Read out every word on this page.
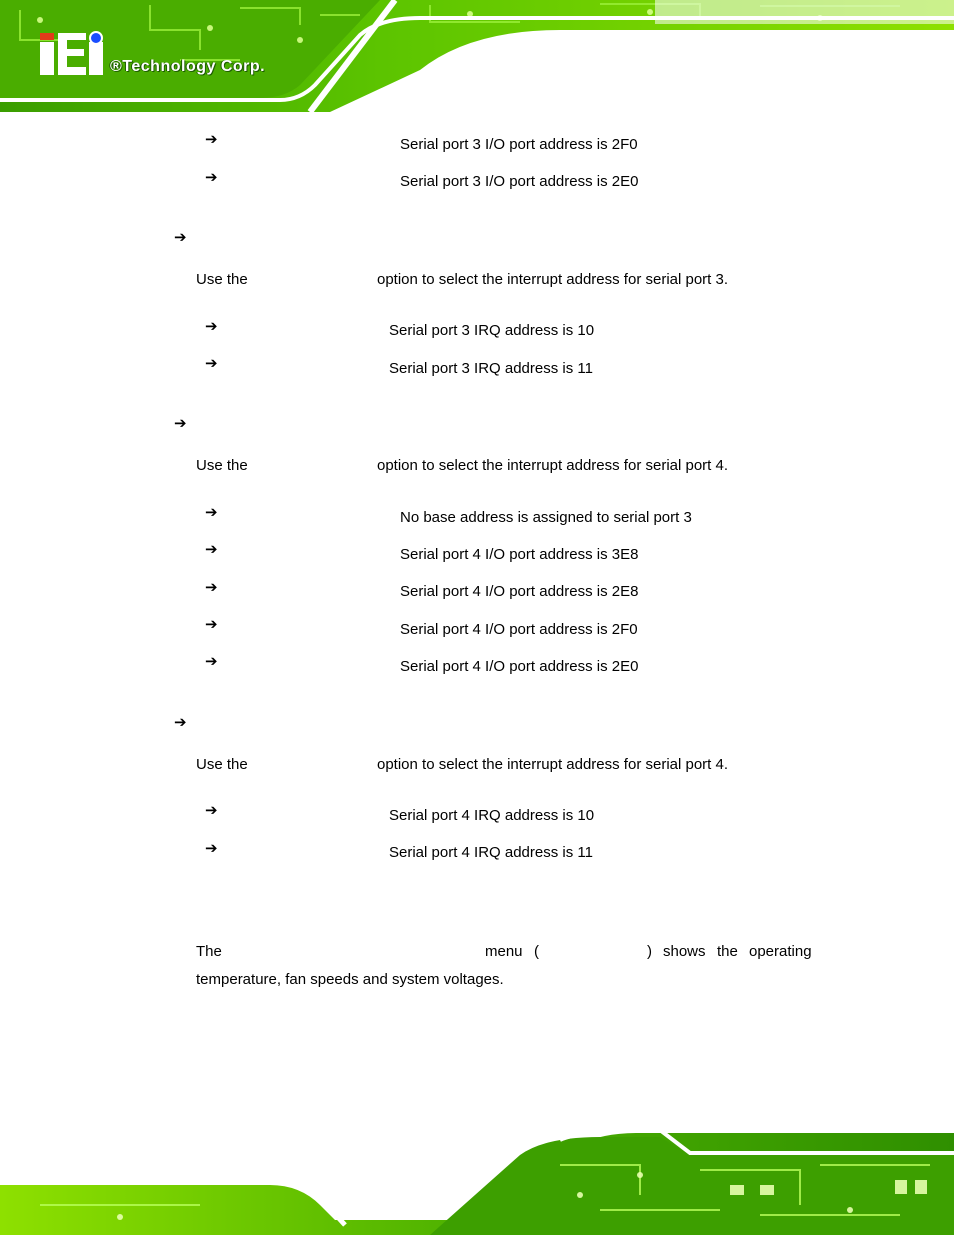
®Technology Corp.
➔	Serial port 3 I/O port address is 2F0
➔	Serial port 3 I/O port address is 2E0
➔
Use the	option to select the interrupt address for serial port 3.
➔	Serial port 3 IRQ address is 10
➔	Serial port 3 IRQ address is 11
➔
Use the	option to select the interrupt address for serial port 4.
➔	No base address is assigned to serial port 3
➔	Serial port 4 I/O port address is 3E8
➔	Serial port 4 I/O port address is 2E8
➔	Serial port 4 I/O port address is 2F0
➔	Serial port 4 I/O port address is 2E0
➔
Use the	option to select the interrupt address for serial port 4.
➔	Serial port 4 IRQ address is 10
➔	Serial port 4 IRQ address is 11
The	menu (	) shows the operating
temperature, fan speeds and system voltages.
